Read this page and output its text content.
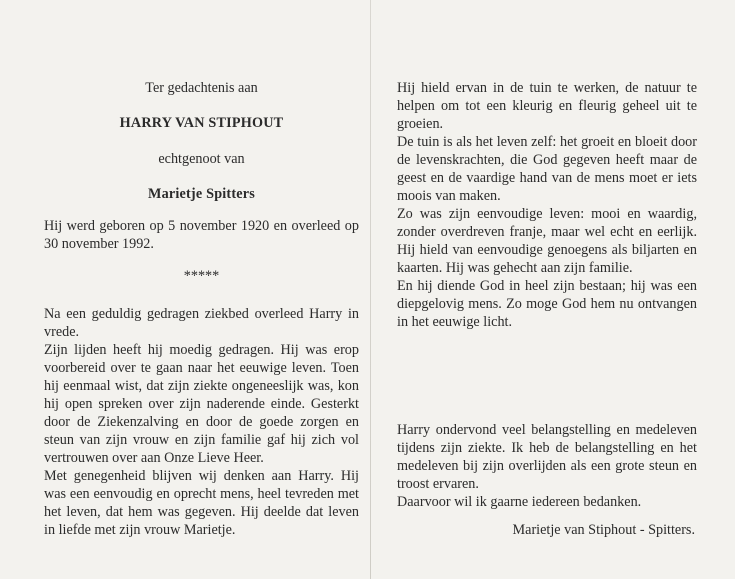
Ter gedachtenis aan

HARRY VAN STIPHOUT

echtgenoot van

Marietje Spitters

Hij werd geboren op 5 november 1920 en overleed op 30 november 1992.

*****

Na een geduldig gedragen ziekbed overleed Harry in vrede.

Zijn lijden heeft hij moedig gedragen. Hij was erop voorbereid over te gaan naar het eeuwige leven. Toen hij eenmaal wist, dat zijn ziekte ongeneeslijk was, kon hij open spreken over zijn naderende einde. Gesterkt door de Ziekenzalving en door de goede zorgen en steun van zijn vrouw en zijn familie gaf hij zich vol vertrouwen over aan Onze Lieve Heer.

Met genegenheid blijven wij denken aan Harry. Hij was een eenvoudig en oprecht mens, heel tevreden met het leven, dat hem was gegeven. Hij deelde dat leven in liefde met zijn vrouw Marietje.

Hij hield ervan in de tuin te werken, de natuur te helpen om tot een kleurig en fleurig geheel uit te groeien.

De tuin is als het leven zelf: het groeit en bloeit door de levenskrachten, die God gegeven heeft maar de geest en de vaardige hand van de mens moet er iets moois van maken.

Zo was zijn eenvoudige leven: mooi en waardig, zonder overdreven franje, maar wel echt en eerlijk. Hij hield van eenvoudige genoegens als biljarten en kaarten. Hij was gehecht aan zijn familie.

En hij diende God in heel zijn bestaan; hij was een diepgelovig mens. Zo moge God hem nu ontvangen in het eeuwige licht.

Harry ondervond veel belangstelling en medeleven tijdens zijn ziekte. Ik heb de belangstelling en het medeleven bij zijn overlijden als een grote steun en troost ervaren.

Daarvoor wil ik gaarne iedereen bedanken.

Marietje van Stiphout - Spitters.
